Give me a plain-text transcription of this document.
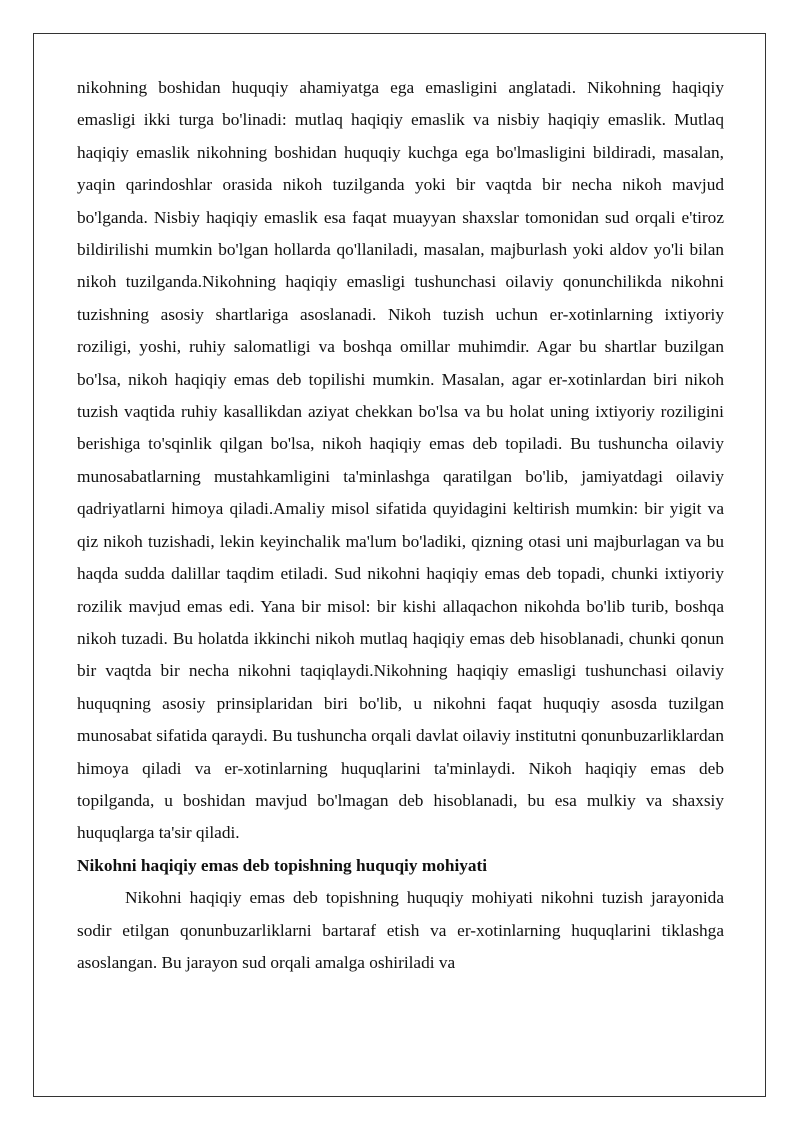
nikohning boshidan huquqiy ahamiyatga ega emasligini anglatadi. Nikohning haqiqiy emasligi ikki turga bo'linadi: mutlaq haqiqiy emaslik va nisbiy haqiqiy emaslik. Mutlaq haqiqiy emaslik nikohning boshidan huquqiy kuchga ega bo'lmasligini bildiradi, masalan, yaqin qarindoshlar orasida nikoh tuzilganda yoki bir vaqtda bir necha nikoh mavjud bo'lganda. Nisbiy haqiqiy emaslik esa faqat muayyan shaxslar tomonidan sud orqali e'tiroz bildirilishi mumkin bo'lgan hollarda qo'llaniladi, masalan, majburlash yoki aldov yo'li bilan nikoh tuzilganda.Nikohning haqiqiy emasligi tushunchasi oilaviy qonunchilikda nikohni tuzishning asosiy shartlariga asoslanadi. Nikoh tuzish uchun er-xotinlarning ixtiyoriy roziligi, yoshi, ruhiy salomatligi va boshqa omillar muhimdir. Agar bu shartlar buzilgan bo'lsa, nikoh haqiqiy emas deb topilishi mumkin. Masalan, agar er-xotinlardan biri nikoh tuzish vaqtida ruhiy kasallikdan aziyat chekkan bo'lsa va bu holat uning ixtiyoriy roziligini berishiga to'sqinlik qilgan bo'lsa, nikoh haqiqiy emas deb topiladi. Bu tushuncha oilaviy munosabatlarning mustahkamligini ta'minlashga qaratilgan bo'lib, jamiyatdagi oilaviy qadriyatlarni himoya qiladi.Amaliy misol sifatida quyidagini keltirish mumkin: bir yigit va qiz nikoh tuzishadi, lekin keyinchalik ma'lum bo'ladiki, qizning otasi uni majburlagan va bu haqda sudda dalillar taqdim etiladi. Sud nikohni haqiqiy emas deb topadi, chunki ixtiyoriy rozilik mavjud emas edi. Yana bir misol: bir kishi allaqachon nikohda bo'lib turib, boshqa nikoh tuzadi. Bu holatda ikkinchi nikoh mutlaq haqiqiy emas deb hisoblanadi, chunki qonun bir vaqtda bir necha nikohni taqiqlaydi.Nikohning haqiqiy emasligi tushunchasi oilaviy huquqning asosiy prinsiplaridan biri bo'lib, u nikohni faqat huquqiy asosda tuzilgan munosabat sifatida qaraydi. Bu tushuncha orqali davlat oilaviy institutni qonunbuzarliklardan himoya qiladi va er-xotinlarning huquqlarini ta'minlaydi. Nikoh haqiqiy emas deb topilganda, u boshidan mavjud bo'lmagan deb hisoblanadi, bu esa mulkiy va shaxsiy huquqlarga ta'sir qiladi.

Nikohni haqiqiy emas deb topishning huquqiy mohiyati

Nikohni haqiqiy emas deb topishning huquqiy mohiyati nikohni tuzish jarayonida sodir etilgan qonunbuzarliklarni bartaraf etish va er-xotinlarning huquqlarini tiklashga asoslangan. Bu jarayon sud orqali amalga oshiriladi va
